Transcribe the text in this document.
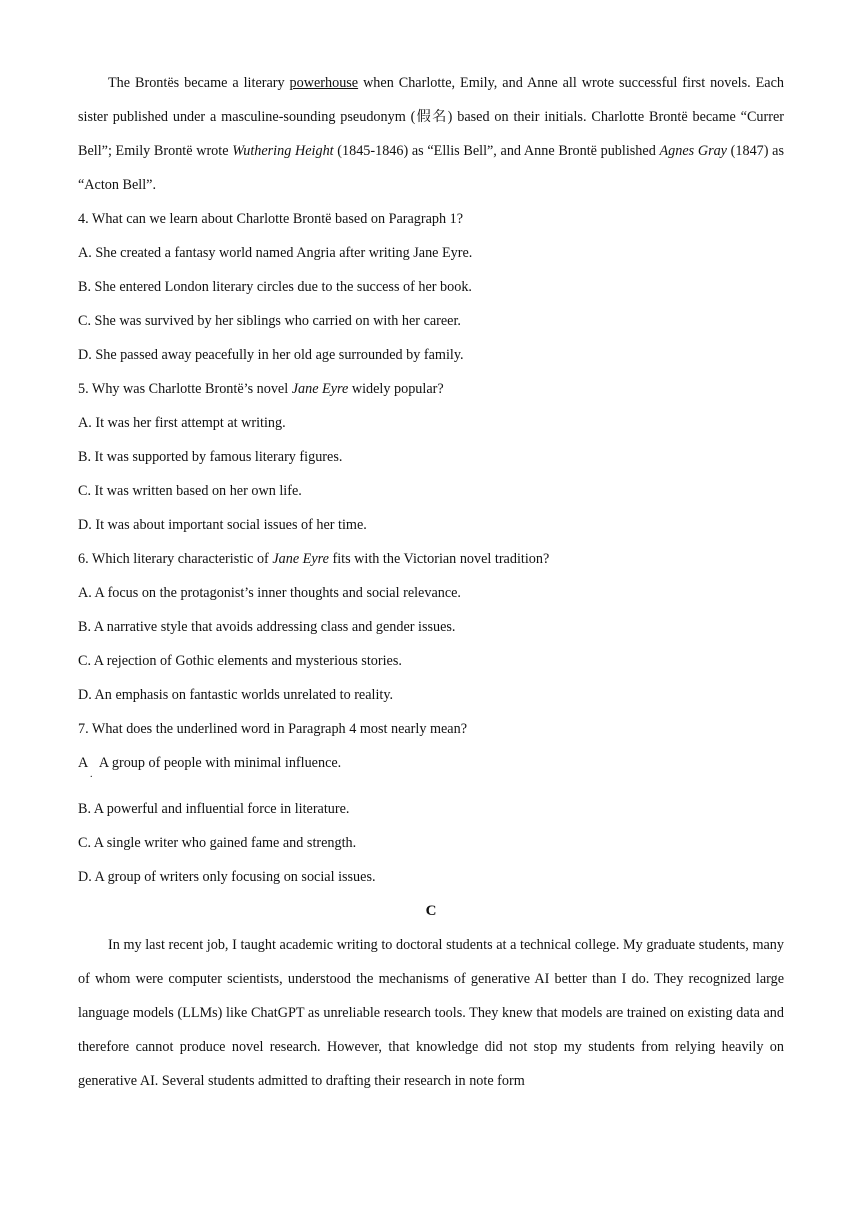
The Brontës became a literary powerhouse when Charlotte, Emily, and Anne all wrote successful first novels. Each sister published under a masculine-sounding pseudonym (假名) based on their initials. Charlotte Brontë became “Currer Bell”; Emily Brontë wrote Wuthering Height (1845-1846) as “Ellis Bell”, and Anne Brontë published Agnes Gray (1847) as “Acton Bell”.

4. What can we learn about Charlotte Brontë based on Paragraph 1?

A. She created a fantasy world named Angria after writing Jane Eyre.

B. She entered London literary circles due to the success of her book.

C. She was survived by her siblings who carried on with her career.

D. She passed away peacefully in her old age surrounded by family.

5. Why was Charlotte Brontë’s novel Jane Eyre widely popular?

A. It was her first attempt at writing.

B. It was supported by famous literary figures.

C. It was written based on her own life.

D. It was about important social issues of her time.

6. Which literary characteristic of Jane Eyre fits with the Victorian novel tradition?

A. A focus on the protagonist’s inner thoughts and social relevance.

B. A narrative style that avoids addressing class and gender issues.

C. A rejection of Gothic elements and mysterious stories.

D. An emphasis on fantastic worlds unrelated to reality.

7. What does the underlined word in Paragraph 4 most nearly mean?

A
.
A group of people with minimal influence.

B. A powerful and influential force in literature.

C. A single writer who gained fame and strength.

D. A group of writers only focusing on social issues.

C

In my last recent job, I taught academic writing to doctoral students at a technical college. My graduate students, many of whom were computer scientists, understood the mechanisms of generative AI better than I do. They recognized large language models (LLMs) like ChatGPT as unreliable research tools. They knew that models are trained on existing data and therefore cannot produce novel research. However, that knowledge did not stop my students from relying heavily on generative AI. Several students admitted to drafting their research in note form
